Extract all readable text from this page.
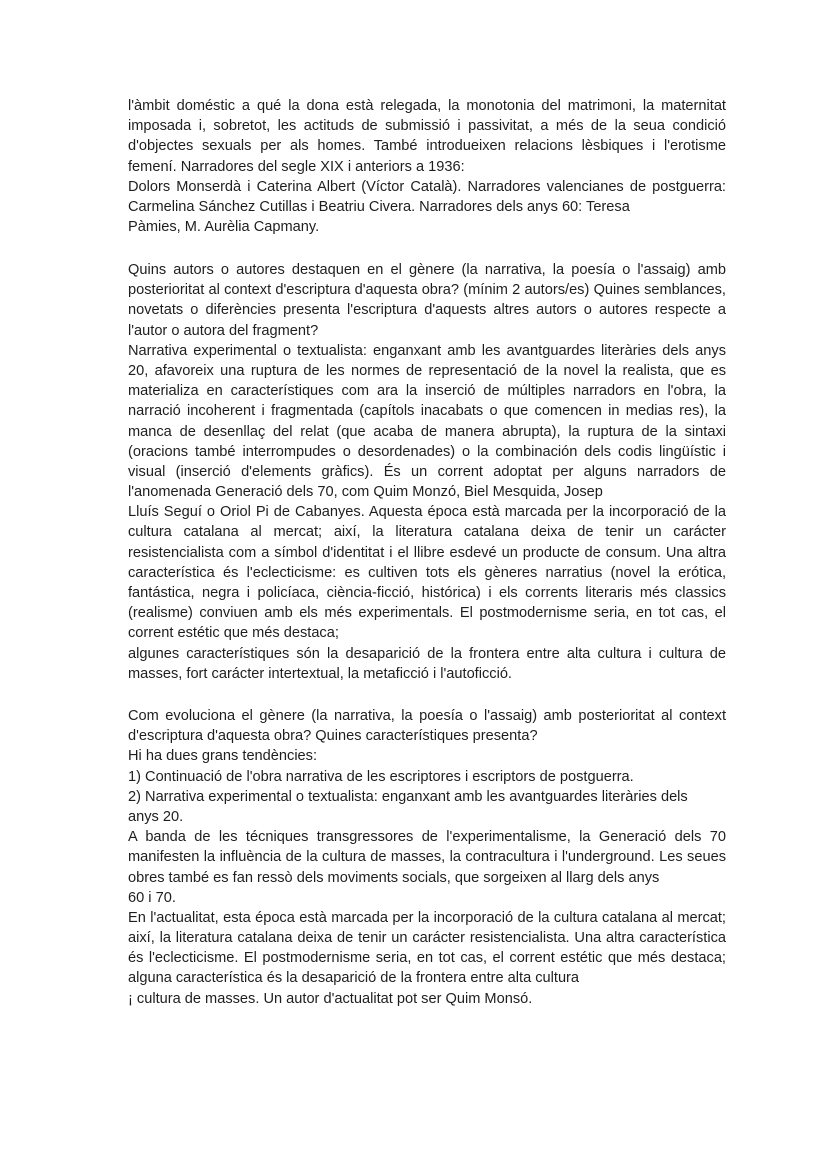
l'àmbit doméstic a qué la dona està relegada, la monotonia del matrimoni, la maternitat
imposada i, sobretot, les actituds de submissió i passivitat, a més de la seua condició
d'objectes sexuals per als homes. També introdueixen relacions lèsbiques i l'erotisme
femení. Narradores del segle XIX i anteriors a 1936:
Dolors Monserdà i Caterina Albert (Víctor Català). Narradores valencianes de postguerra:
Carmelina Sánchez Cutillas i Beatriu Civera. Narradores dels anys 60: Teresa
Pàmies, M. Aurèlia Capmany.
Quins autors o autores destaquen en el gènere (la narrativa, la poesía o l'assaig) amb
posterioritat al context d'escriptura d'aquesta obra? (mínim 2 autors/es) Quines semblances,
novetats o diferències presenta l'escriptura d'aquests altres autors o autores respecte a
l'autor o autora del fragment?
Narrativa experimental o textualista: enganxant amb les avantguardes literàries dels anys
20, afavoreix una ruptura de les normes de representació de la novel la realista, que es
materializa en característiques com ara la inserció de múltiples narradors en l'obra, la
narració incoherent i fragmentada (capítols inacabats o que comencen in medias res), la
manca de desenllaç del relat (que acaba de manera abrupta), la ruptura de la sintaxi
(oracions també interrompudes o desordenades) o la combinación dels codis lingüístic i
visual (inserció d'elements gràfics). És un corrent adoptat per alguns narradors de
l'anomenada Generació dels 70, com Quim Monzó, Biel Mesquida, Josep
Lluís Seguí o Oriol Pi de Cabanyes. Aquesta época està marcada per la incorporació de la
cultura catalana al mercat; així, la literatura catalana deixa de tenir un carácter
resistencialista com a símbol d'identitat i el llibre esdevé un producte de consum. Una altra
característica és l'eclecticisme: es cultiven tots els gèneres narratius (novel la erótica,
fantástica, negra i policíaca, ciència-ficció, histórica) i els corrents literaris més classics
(realisme) conviuen amb els més experimentals. El postmodernisme seria, en tot cas, el
corrent estétic que més destaca;
algunes característiques són la desaparició de la frontera entre alta cultura i cultura de
masses, fort carácter intertextual, la metaficció i l'autoficció.
Com evoluciona el gènere (la narrativa, la poesía o l'assaig) amb posterioritat al context
d'escriptura d'aquesta obra? Quines característiques presenta?
Hi ha dues grans tendències:
1) Continuació de l'obra narrativa de les escriptores i escriptors de postguerra.
2) Narrativa experimental o textualista: enganxant amb les avantguardes literàries dels
anys 20.
A banda de les técniques transgressores de l'experimentalisme, la Generació dels 70
manifesten la influència de la cultura de masses, la contracultura i l'underground. Les seues
obres també es fan ressò dels moviments socials, que sorgeixen al llarg dels anys
60 i 70.
En l'actualitat, esta época està marcada per la incorporació de la cultura catalana al mercat;
així, la literatura catalana deixa de tenir un carácter resistencialista. Una altra característica
és l'eclecticisme. El postmodernisme seria, en tot cas, el corrent estétic que més destaca;
alguna característica és la desaparició de la frontera entre alta cultura
¡ cultura de masses. Un autor d'actualitat pot ser Quim Monsó.
